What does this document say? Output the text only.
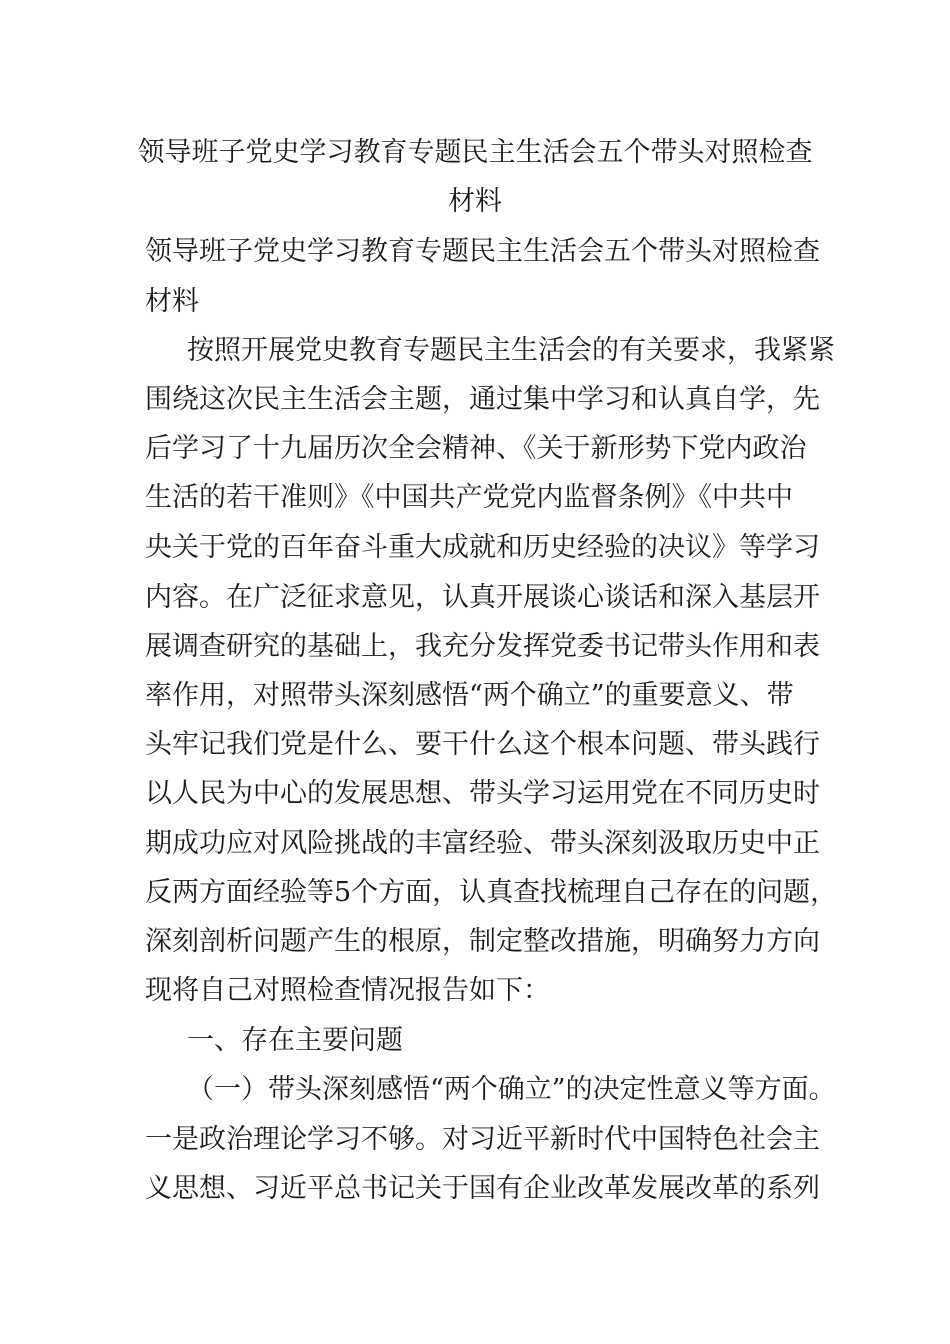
领导班子党史学习教育专题民主生活会五个带头对照检查
材料
领导班子党史学习教育专题民主生活会五个带头对照检查
材料
按照开展党史教育专题民主生活会的有关要求，我紧紧
围绕这次民主生活会主题，通过集中学习和认真自学，先
后学习了十九届历次全会精神、《关于新形势下党内政治
生活的若干准则》《中国共产党党内监督条例》《中共中
央关于党的百年奋斗重大成就和历史经验的决议》等学习
内容。在广泛征求意见，认真开展谈心谈话和深入基层开
展调查研究的基础上，我充分发挥党委书记带头作用和表
率作用，对照带头深刻感悟“两个确立”的重要意义、带
头牢记我们党是什么、要干什么这个根本问题、带头践行
以人民为中心的发展思想、带头学习运用党在不同历史时
期成功应对风险挑战的丰富经验、带头深刻汲取历史中正
反两方面经验等5个方面，认真查找梳理自己存在的问题，
深刻剖析问题产生的根原，制定整改措施，明确努力方向
现将自己对照检查情况报告如下：
一、存在主要问题
（一）带头深刻感悟“两个确立”的决定性意义等方面。
一是政治理论学习不够。对习近平新时代中国特色社会主
义思想、习近平总书记关于国有企业改革发展改革的系列
